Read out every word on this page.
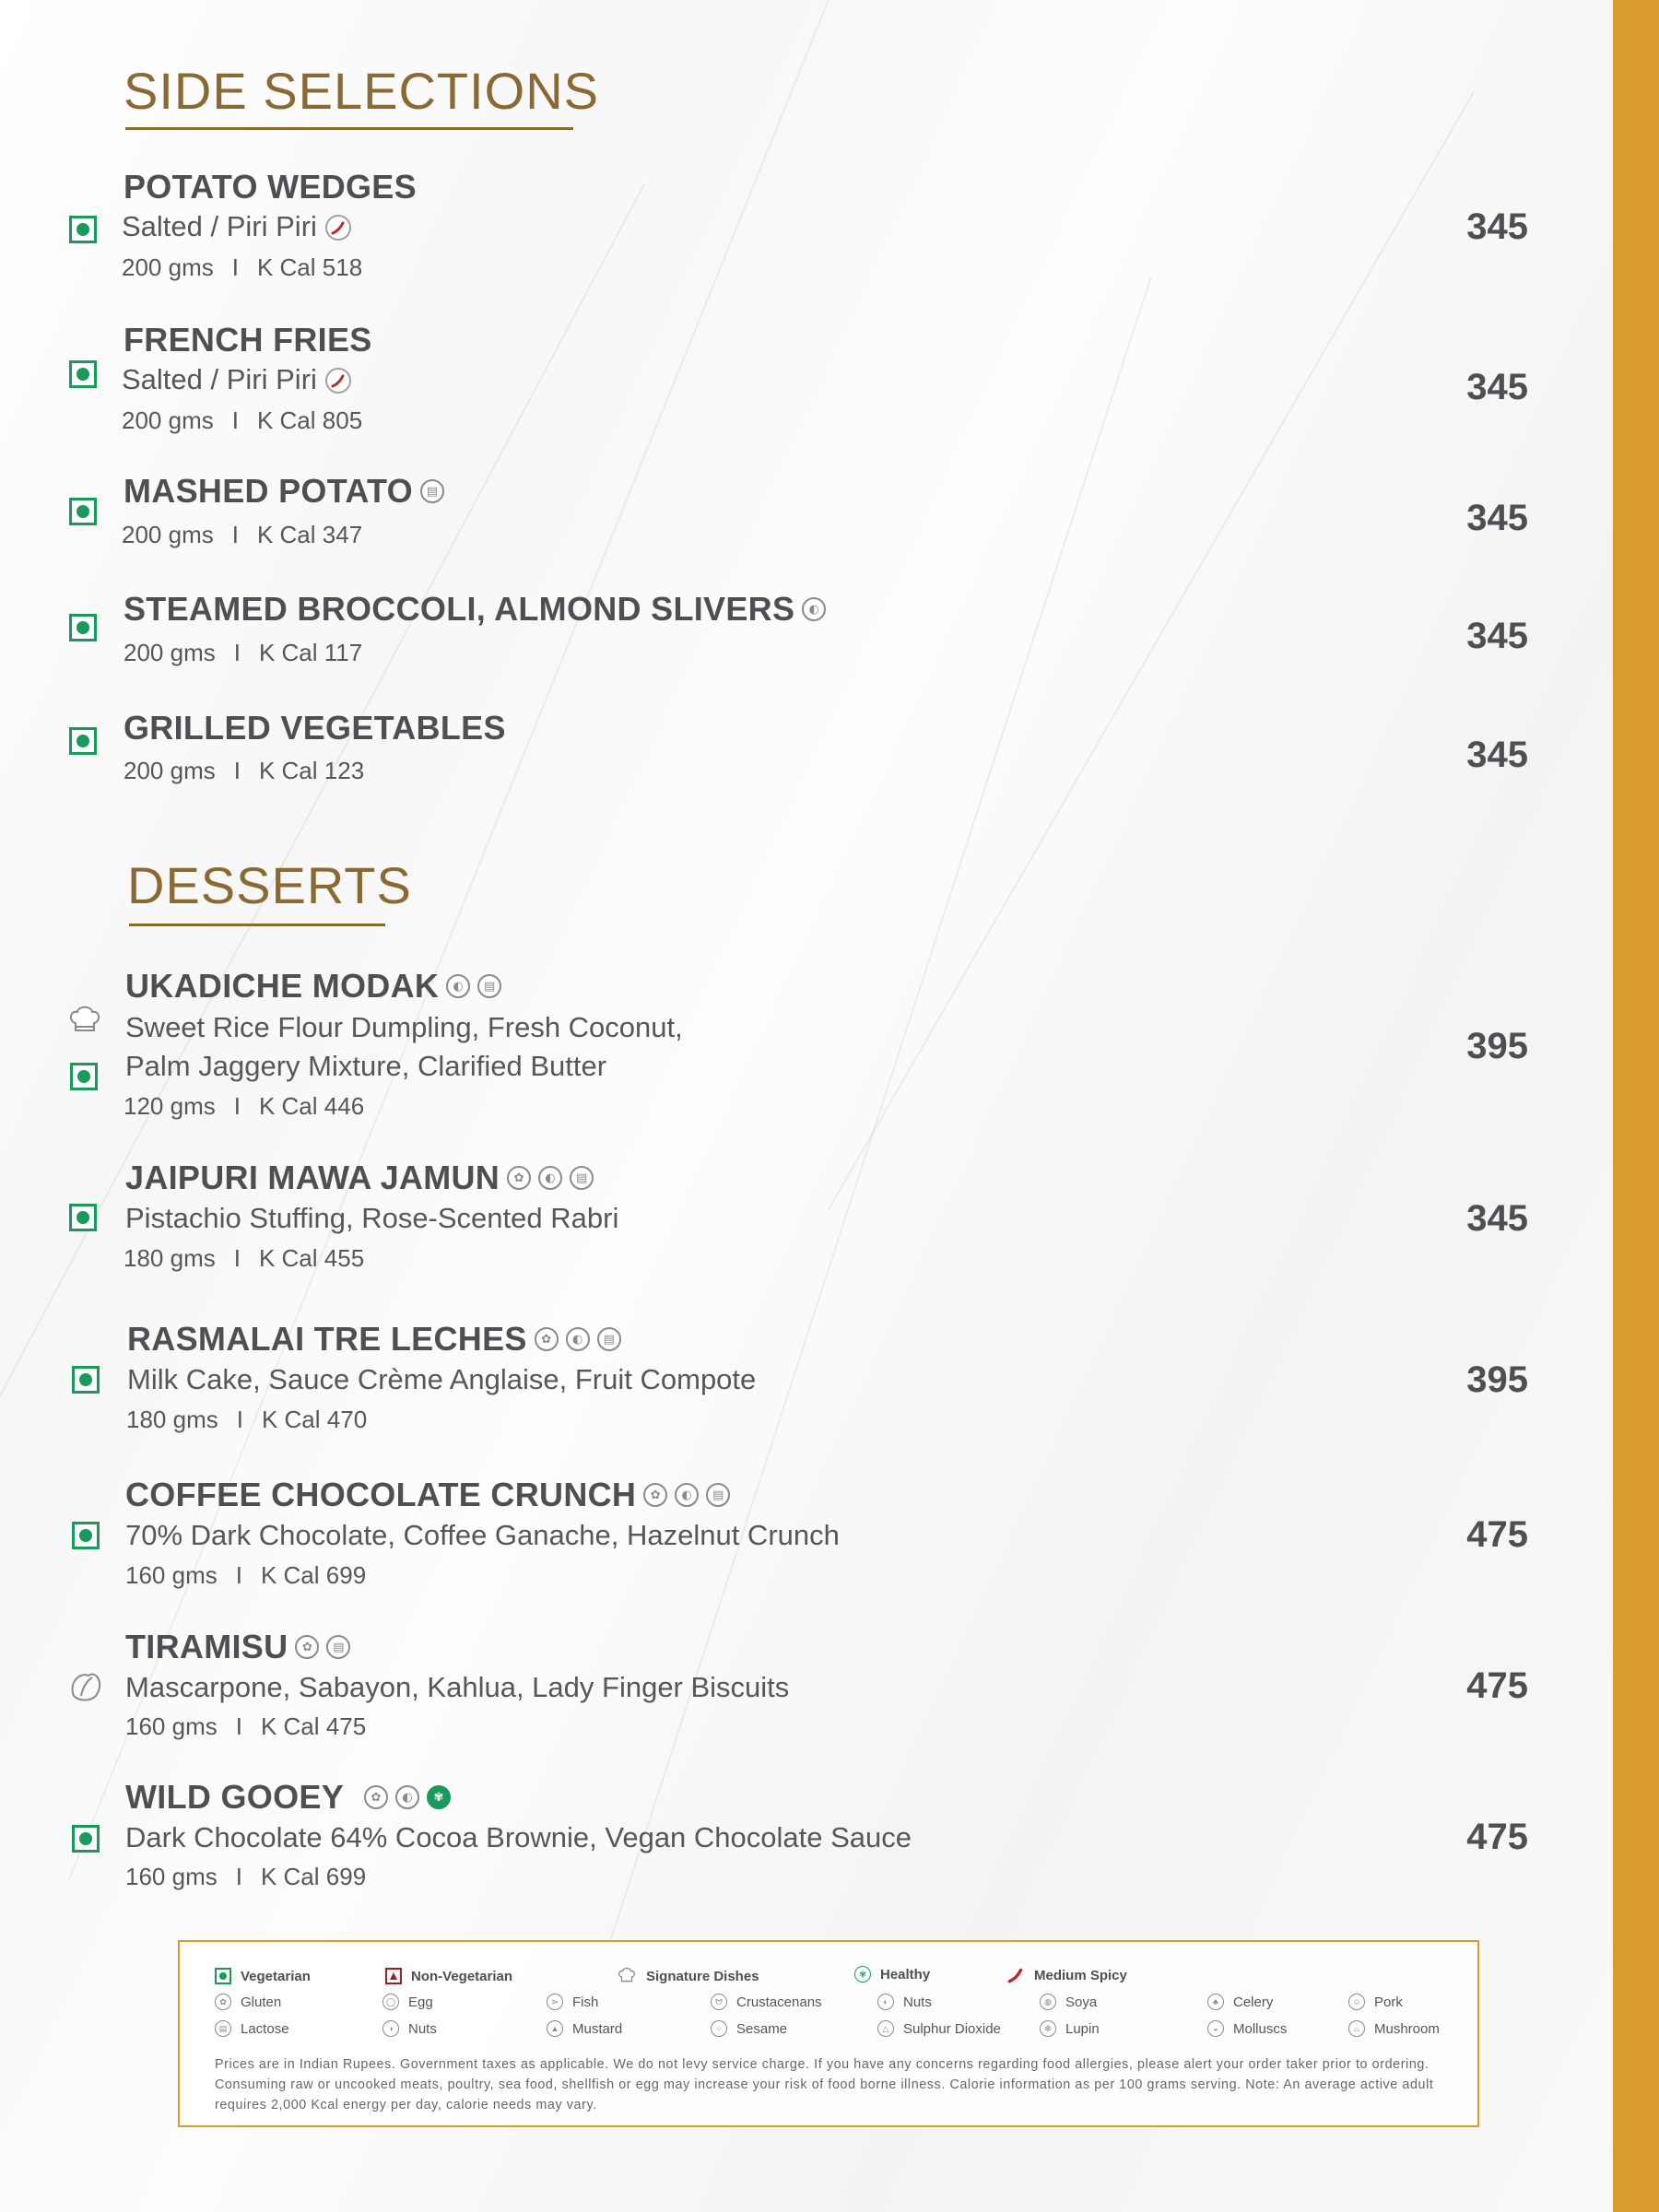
SIDE SELECTIONS
POTATO WEDGES
Salted / Piri Piri
200 gms I K Cal 518
345
FRENCH FRIES
Salted / Piri Piri
200 gms I K Cal 805
345
MASHED POTATO	▤
200 gms I K Cal 347	345
STEAMED BROCCOLI, ALMOND SLIVERS	◐
200 gms I K Cal 117	345
GRILLED VEGETABLES
200 gms I K Cal 123	345
DESSERTS
UKADICHE MODAK	◐	▤
Sweet Rice Flour Dumpling, Fresh Coconut,
Palm Jaggery Mixture, Clarified Butter
120 gms I K Cal 446
395
JAIPURI MAWA JAMUN	✿	◐	▤
Pistachio Stuffing, Rose-Scented Rabri
180 gms I K Cal 455
345
RASMALAI TRE LECHES	✿	◐	▤
Milk Cake, Sauce Crème Anglaise, Fruit Compote
180 gms I K Cal 470
395
COFFEE CHOCOLATE CRUNCH	✿	◐	▤
70% Dark Chocolate, Coffee Ganache, Hazelnut Crunch
160 gms I K Cal 699
475
TIRAMISU	✿	▤
Mascarpone, Sabayon, Kahlua, Lady Finger Biscuits
160 gms I K Cal 475
475
WILD GOOEY	✿	◐	✾
Dark Chocolate 64% Cocoa Brownie, Vegan Chocolate Sauce
160 gms I K Cal 699
475
Vegetarian	Non-Vegetarian	Signature Dishes	✾	Healthy	Medium Spicy
✿	Gluten	◯ Egg	⋗	Fish	ᗢ	Crustacenans	◐	Nuts	◍	Soya	♣	Celery	☺ Pork
▤ Lactose	◑	Nuts	▲ Mustard	⁘	Sesame	△	Sulphur Dioxide	✻	Lupin	◒	Molluscs	⌓	Mushroom
Prices are in Indian Rupees. Government taxes as applicable. We do not levy service charge. If you have any concerns regarding food allergies, please alert your order taker prior to ordering. Consuming raw or uncooked meats, poultry, sea food, shellfish or egg may increase your risk of food borne illness. Calorie information as per 100 grams serving. Note: An average active adult requires 2,000 Kcal energy per day, calorie needs may vary.
